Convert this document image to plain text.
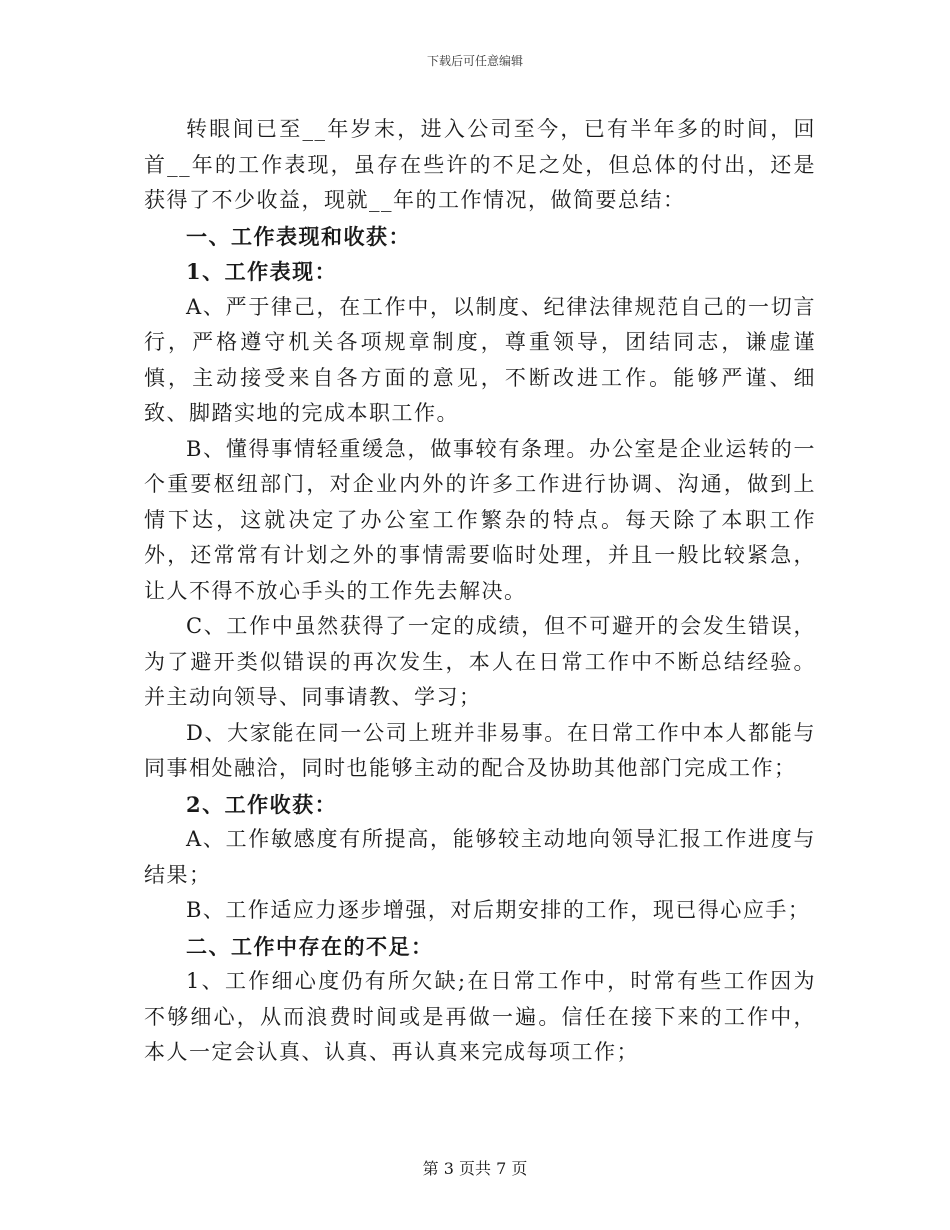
下载后可任意编辑

转眼间已至__年岁末，进入公司至今，已有半年多的时间，回首__年的工作表现，虽存在些许的不足之处，但总体的付出，还是获得了不少收益，现就__年的工作情况，做简要总结：

一、工作表现和收获：

1、工作表现：

A、严于律己，在工作中，以制度、纪律法律规范自己的一切言行，严格遵守机关各项规章制度，尊重领导，团结同志，谦虚谨慎，主动接受来自各方面的意见，不断改进工作。能够严谨、细致、脚踏实地的完成本职工作。

B、懂得事情轻重缓急，做事较有条理。办公室是企业运转的一个重要枢纽部门，对企业内外的许多工作进行协调、沟通，做到上情下达，这就决定了办公室工作繁杂的特点。每天除了本职工作外，还常常有计划之外的事情需要临时处理，并且一般比较紧急，让人不得不放心手头的工作先去解决。

C、工作中虽然获得了一定的成绩，但不可避开的会发生错误，为了避开类似错误的再次发生，本人在日常工作中不断总结经验。并主动向领导、同事请教、学习；

D、大家能在同一公司上班并非易事。在日常工作中本人都能与同事相处融洽，同时也能够主动的配合及协助其他部门完成工作；

2、工作收获：

A、工作敏感度有所提高，能够较主动地向领导汇报工作进度与结果；

B、工作适应力逐步增强，对后期安排的工作，现已得心应手；

二、工作中存在的不足：

1、工作细心度仍有所欠缺;在日常工作中，时常有些工作因为不够细心，从而浪费时间或是再做一遍。信任在接下来的工作中，本人一定会认真、认真、再认真来完成每项工作；

第 3 页共 7 页
